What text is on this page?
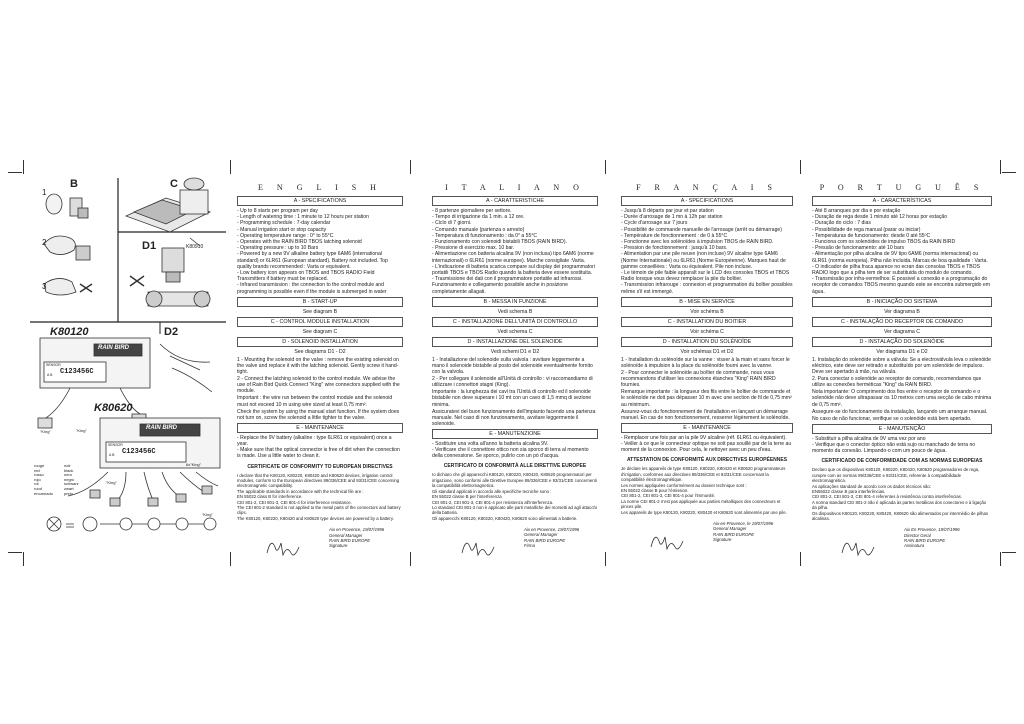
B	C
D1	K80910
1
2
3
K80120	D2
K80620
RAIN BIRD
RAIN BIRD
SENSOR
C123456C
A B
SENSOR
C123456C
A B
"King"
"King"
6x"King"
"King"
"King"
rouge
red
rosso
rojo
rot
rood
encarnado
noir
black
nero
negro
schwarz
zwart
preto
E N G L I S H
A - SPECIFICATIONS
- Up to 8 starts per program per day
- Length of watering time : 1 minute to 12 hours per station
- Programming schedule : 7-day calendar
- Manual irrigation start or stop capacity
- Operating temperature range : 0° to 55°C
- Operates with the RAIN BIRD TBOS latching solenoid
- Operating pressure : up to 10 Bars
- Powered by a new 9V alkaline battery type 6AM6 (international standard) or 6LR61 (European standard). Battery not included. Top quality brands recommended : Varta or equivalent.
- Low battery icon appears on TBOS and TBOS RADIO Field Transmitters if battery must be replaced.
- Infrared transmission : the connection to the control module and programming is possible even if the module is submerged in water
B - START-UP
See diagram B
C - CONTROL MODULE INSTALLATION
See diagram C
D - SOLENOID INSTALLATION
See diagrams D1 - D2
1 - Mounting the solenoid on the valve : remove the existing solenoid on the valve and replace it with the latching solenoid. Gently screw it hand-tight.
2 - Connect the latching solenoid to the control module. We advise the use of Rain Bird Quick Connect "King" wire connectors supplied with the module.
Important : the wire run between the control module and the solenoid must not exceed 10 m using wire sized at least 0,75 mm².
Check the system by using the manual start function. If the system does not turn on, screw the solenoid a little tighter to the valve.
E - MAINTENANCE
- Replace the 9V battery (alkaline : type 6LR61 or equivalent) once a year.
- Make sure that the optical connector is free of dirt when the connection is made. Use a little water to clean it.
CERTIFICATE OF CONFORMITY TO EUROPEAN DIRECTIVES
I declare that the K80120, K80220, K80420 and K80620 devices, irrigation control modules, conform to the European directives 89/336/CEE and 93/31/CEE concerning electromagnetic compatibility.
The applicable standards in accordance with the technical file are :
EN 55022 class B for interference.
CEI 801-2, CEI 801-3, CEI 801-4 for interference resistance.
The CEI 801-2 standard is not applied to the metal parts of the connectors and battery clips.
The K80120, K80220, K80420 and K80620 type devices are powered by a battery.
Aix en Provence, 19/07/1996
General Manager
RAIN BIRD EUROPE
Signature
I T A L I A N O
A - CARATTERISTICHE
- 8 partenze giornaliere per settore.
- Tempo di irrigazione da 1 min. a 12 ore.
- Ciclo di 7 giorni.
- Comando manuale (partenza o arresto)
- Temperatura di funzionamento : da 0° a 55°C
- Funzionamento con solenoidi bistabili TBOS (RAIN BIRD).
- Pressione di esercizio max. 10 bar.
- Alimentazione con batteria alcalina 9V (non inclusa) tipo 6AM6 (norme internazionali) o 6LR61 (norme europee). Marche consigliate :Varta.
- L'indicazione di batteria scarica compare sul display dei programmatori portatili TBOS e TBOS Radio quando la batteria deve essere sostituita.
- Trasmissione dei dati con il programmatore portatile ad infrarossi. Funzionamento e collegamento possibile anche in posizione completamente allagati.
B - MESSA IN FUNZIONE
Vedi schema B
C - INSTALLAZIONE DELL'UNITÀ DI CONTROLLO
Vedi schema C
D - INSTALLAZIONE DEL SOLENOIDE
Vedi schemi D1 e D2
1 - Installazione del solenoide sulla valvola : avvitare leggermente a mano il solenoide bistabile al posto del solenoide eventualmente fornito con la valvola.
2 - Per collegare il solenoide all'Unità di controllo : vi raccomandiamo di utilizzare i connettori stagni (King).
Importante : la lunghezza dei cavi tra l'Unità di controllo ed il solenoide bistabile non deve superare i 10 mt con un cavo di 1,5 mmq di sezione minima.
Assicuratevi del buon funzionamento dell'impianto facendo una partenza manuale. Nel caso di non funzionamento, avvitare leggermente il solenoide.
E - MANUTENZIONE
- Sostituire una volta all'anno la batteria alcalina 9V.
- Verificare che il connettore ottico non sia sporco di terra al momento della connessione. Se sporco, pulirlo con un pò d'acqua.
CERTIFICATO DI CONFORMITÀ ALLE DIRETTIVE EUROPEE
Io dichiaro che gli apparecchi K80120, K80220, K80420, K80620 programmatori per irrigazione, sono conformi alle Direttive Europee 89/336/CEE e 93/31/CEE concernenti la compatibilità elettromagnetica.
Gli standard applicati in accordo alle specifiche tecniche sono :
EN 55022 classe B per l'interferenza
CEI 801-2, CEI 801-3, CEI 801-4 per resistenza all'interferenza.
Lo standard CEI 801-2 non è applicato alle parti metalliche dei morsetti ad agli attacchi della batteria.
Gli apparecchi K80120, K80220, K80420, K80620 sono alimentati a batterie.
Aix en Provence, 19/07/1996
General Manager
RAIN BIRD EUROPE
Firma
F R A N Ç A I S
A - SPECIFICATIONS
- Jusqu'à 8 départs par jour et par station
- Durée d'arrosage de 1 mn à 12h par station
- Cycle d'arrosage sur 7 jours
- Possibilité de commande manuelle de l'arrosage (arrêt ou démarrage)
- Température de fonctionnement : de 0 à 55°C
- Fonctionne avec les solénoïdes à impulsion TBOS de RAIN BIRD.
- Pression de fonctionnement : jusqu'à 10 bars.
- Alimentation par une pile neuve (non incluse) 9V alcaline type 6AM6 (Norme Internationale) ou 6LR61 (Norme Européenne). Marques haut de gamme conseillées : Varta ou équivalent. Pile non incluse.
- Le témoin de pile faible apparaît sur le LCD des consoles TBOS et TBOS Radio lorsque vous devez remplacer la pile du boîtier.
- Transmission infrarouge : connexion et programmation du boîtier possibles même s'il est immergé.
B - MISE EN SERVICE
Voir schéma B
C - INSTALLATION DU BOITIER
Voir schéma C
D - INSTALLATION DU SOLÉNOÏDE
Voir schémas D1 et D2
1 - Installation du solénoïde sur la vanne : visser à la main et sans forcer le solénoïde à impulsion à la place du solénoïde fourni avec la vanne.
2 - Pour connecter le solénoïde au boîtier de commande, nous vous recommandons d'utiliser les connexions étanches "King" RAIN BIRD fournies.
Remarque importante : la longueur des fils entre le boîtier de commande et le solénoïde ne doit pas dépasser 10 m avec une section de fil de 0,75 mm² au minimum.
Assurez-vous du fonctionnement de l'installation en lançant un démarrage manuel. En cas de non fonctionnement, resserrer légèrement le solénoïde.
E - MAINTENANCE
- Remplacer une fois par an la pile 9V alcaline (réf. 6LR61 ou équivalent).
- Veiller à ce que le connecteur optique ne soit pas souillé par de la terre au moment de la connexion. Pour cela, le nettoyer avec un peu d'eau.
ATTESTATION DE CONFORMITÉ AUX DIRECTIVES EUROPÉENNES
Je déclare les appareils de type K80120, K80220, K80420 et K80620 programmateurs d'irrigation, conformes aux directives 89/336/CEE et 93/31/CEE concernant la compatibilité électromagnétique.
Les normes appliquées conformément au dossier technique sont :
EN 55022 classe B pour l'émission.
CEI 801-2, CEI 801-3, CEI 801-4 pour l'immunité.
La norme CEI 801-2 n'est pas appliquée aux parties métalliques des connecteurs et pinces pile.
Les appareils de type K80120, K80220, K80420 et K80620 sont alimentés par une pile.
Aix-en-Provence, le 19/07/1996
General Manager
RAIN BIRD EUROPE
Signature
P O R T U G U Ê S
A - CARACTERÍSTICAS
- Até 8 arranques por dia e por estação
- Duração de rega desde 1 minuto até 12 horas por estação
- Duração do ciclo : 7 dias
- Possibilidade de rega manual (parar ou iniciar)
- Temperaturas de funcionamento: desde 0 até 55ºC
- Funciona com os solenóides de impulso TBOS da RAIN BIRD
- Pressão de funcionamento: até 10 bars
- Alimentação por pilha alcalina de 9V tipo 6AM6 (norma internacional) ou 6LR61 (norma europeia). Pilha não incluida. Marcas de boa qualidade : Varta.
- O indicador de pilha fraca aparece no ecran das consolas TBOS e TBOS RADIO logo que a pilha tem de ser substituida do modulo de comando.
- Transmissão por infra-vermelhos: É possivel a conexão e a programação do receptor de comandos TBOS mesmo quando este se encontra submergido em água.
B - INICIAÇÃO DO SISTEMA
Ver diagrama B
C - INSTALAÇÃO DO RECEPTOR DE COMANDO
Ver diagrama C
D - INSTALAÇÃO DO SOLENÓIDE
Ver diagrama D1 e D2
1. Instalação do solenóide sobre a válvula: Se a electroválvula leva o solenóide eléctrico, este deve ser retirado e substituído por um solenóide de impulsos. Deve ser apertado à mão, na válvula.
2. Para conectar o solenóide ao receptor de comando, recomendamos que utilize as conexões herméticas "King" da RAIN BIRD.
Nota importante: O comprimento dos fios entre o receptor de comando e o solenóide não deve ultrapassar os 10 metros com uma secção de cabo mínima de 0,75 mm².
Assegure-se do funcionamento da instalação, lançando um arranque manual.
No caso de não funcionar, verifique se o solenóide está bem apertado.
E - MANUTENÇÃO
- Substituir a pilha alcalina de 9V uma vez por ano
- Verifique que o conector óptico não está sujo ou manchado de terra no momento da conexão. Limpando-o com um pouco de água.
CERTIFICADO DE CONFORMIDADE COM AS NORMAS EUROPEIAS
Declaro que os dispositivos K80120, K80220, K80420, K80620 programadores de rega, cumpre com as normas 89/336/CEE e 93/31/CEE, referente à compatibilidade electromagnética.
As aplicações standard de acordo com os dados técnicos são:
EN55022 classe B para interferências.
CEI 801-2, CEI 801-3, CEI 801-4 referentes à resistência contra interferências.
A norma standard CEI 801-2 não é aplicada às partes metálicas dos conectores e à ligação da pilha.
Os dispositivos K80120, K80220, K80420, K80620 são alimentados por intermédio de pilhas alcalinas.
Aix En Provence, 19/07/1996
Director Geral
RAIN BIRD EUROPE
Assinatura
